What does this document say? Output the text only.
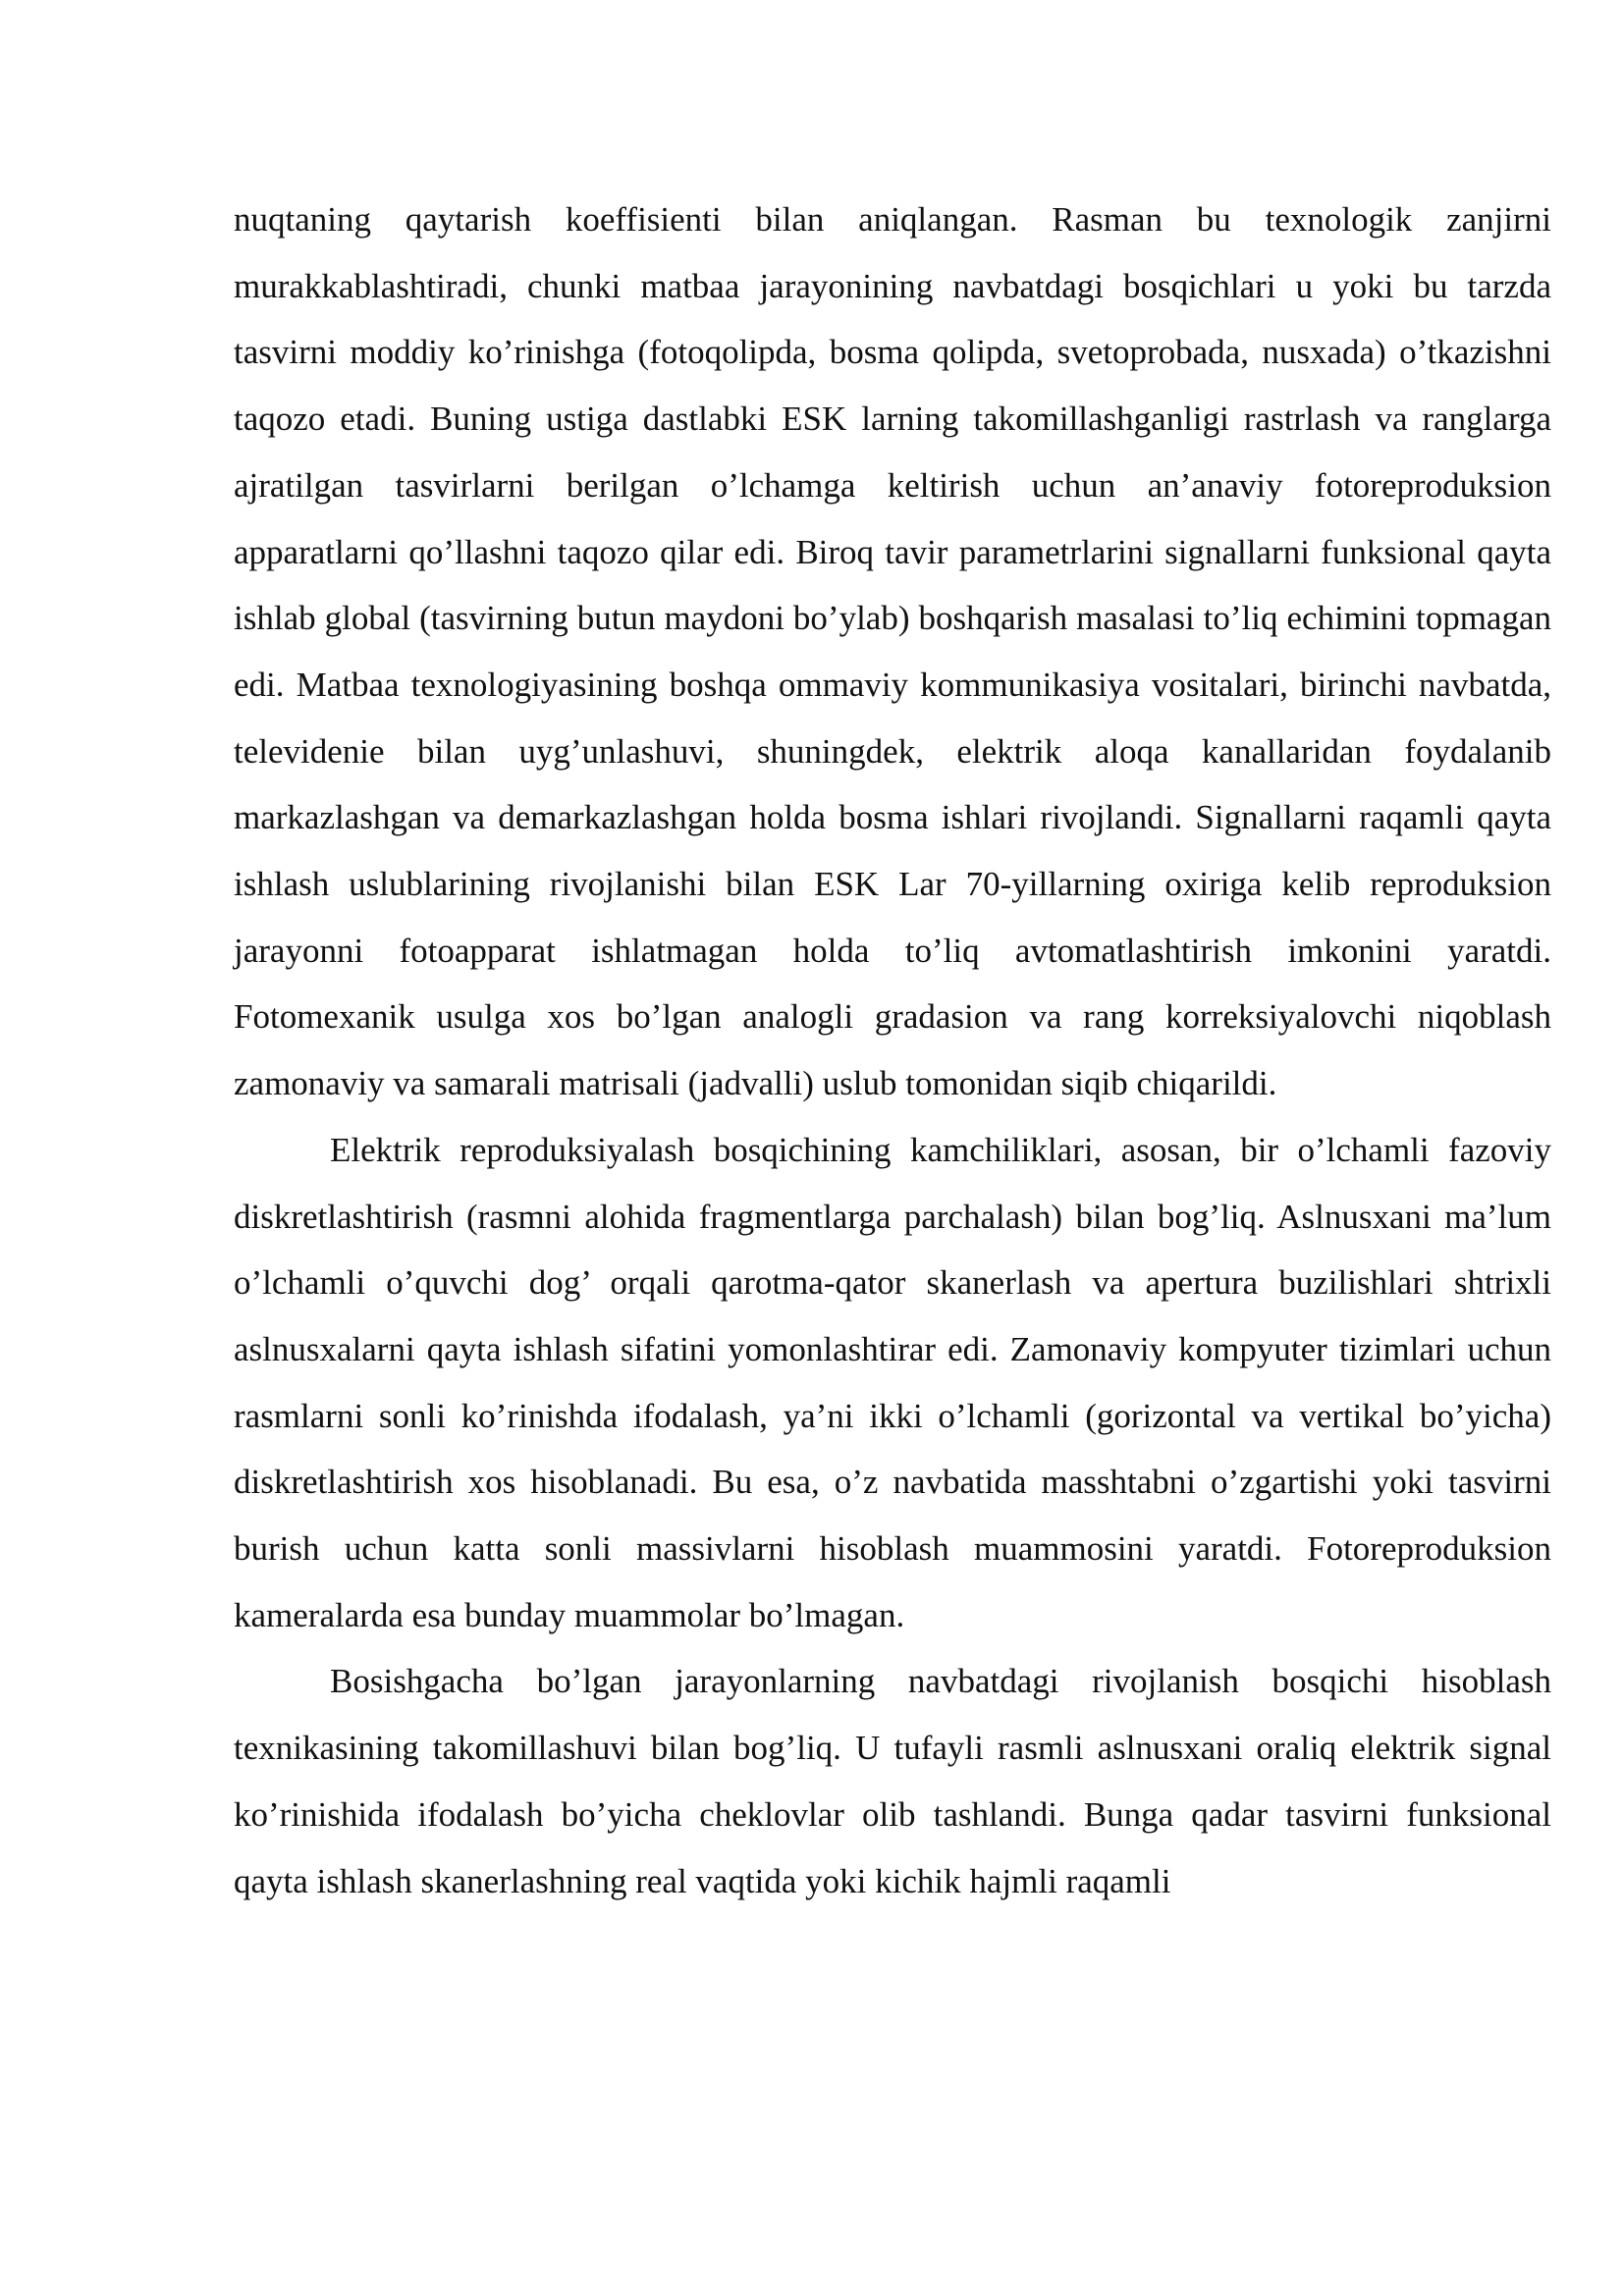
nuqtaning qaytarish koeffisienti bilan aniqlangan. Rasman bu texnologik zanjirni murakkablashtiradi, chunki matbaa jarayonining navbatdagi bosqichlari u yoki bu tarzda tasvirni moddiy ko’rinishga (fotoqolipda, bosma qolipda, svetoprobada, nusxada) o’tkazishni taqozo etadi. Buning ustiga dastlabki ESK larning takomillashganligi rastrlash va ranglarga ajratilgan tasvirlarni berilgan o’lchamga keltirish uchun an’anaviy fotoreproduksion apparatlarni qo’llashni taqozo qilar edi. Biroq tavir parametrlarini signallarni funksional qayta ishlab global (tasvirning butun maydoni bo’ylab) boshqarish masalasi to’liq echimini topmagan edi. Matbaa texnologiyasining boshqa ommaviy kommunikasiya vositalari, birinchi navbatda, televidenie bilan uyg’unlashuvi, shuningdek, elektrik aloqa kanallaridan foydalanib markazlashgan va demarkazlashgan holda bosma ishlari rivojlandi. Signallarni raqamli qayta ishlash uslublarining rivojlanishi bilan ESK Lar 70-yillarning oxiriga kelib reproduksion jarayonni fotoapparat ishlatmagan holda to’liq avtomatlashtirish imkonini yaratdi. Fotomexanik usulga xos bo’lgan analogli gradasion va rang korreksiyalovchi niqoblash zamonaviy va samarali matrisali (jadvalli) uslub tomonidan siqib chiqarildi.

Elektrik reproduksiyalash bosqichining kamchiliklari, asosan, bir o’lchamli fazoviy diskretlashtirish (rasmni alohida fragmentlarga parchalash) bilan bog’liq. Aslnusxani ma’lum o’lchamli o’quvchi dog’ orqali qarotma-qator skanerlash va apertura buzilishlari shtrixli aslnusxalarni qayta ishlash sifatini yomonlashtirar edi. Zamonaviy kompyuter tizimlari uchun rasmlarni sonli ko’rinishda ifodalash, ya’ni ikki o’lchamli (gorizontal va vertikal bo’yicha) diskretlashtirish xos hisoblanadi. Bu esa, o’z navbatida masshtabni o’zgartishi yoki tasvirni burish uchun katta sonli massivlarni hisoblash muammosini yaratdi. Fotoreproduksion kameralarda esa bunday muammolar bo’lmagan.

Bosishgacha bo’lgan jarayonlarning navbatdagi rivojlanish bosqichi hisoblash texnikasining takomillashuvi bilan bog’liq. U tufayli rasmli aslnusxani oraliq elektrik signal ko’rinishida ifodalash bo’yicha cheklovlar olib tashlandi. Bunga qadar tasvirni funksional qayta ishlash skanerlashning real vaqtida yoki kichik hajmli raqamli
